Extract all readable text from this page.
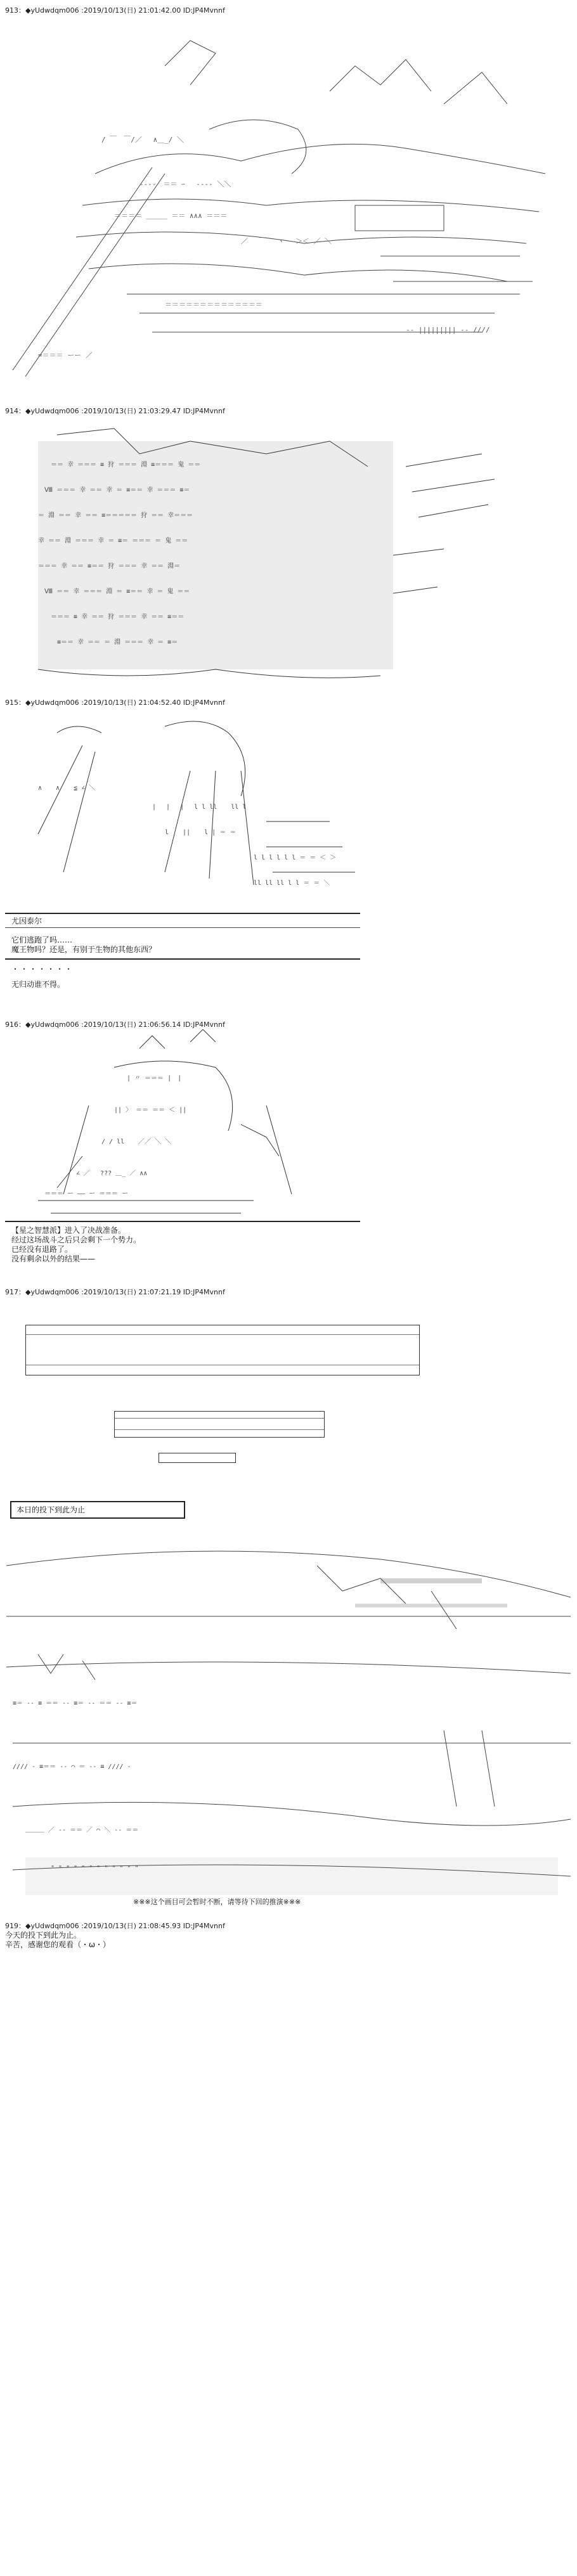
913：◆yUdwdqm006 :2019/10/13(日) 21:01:42.00 ID:JP4Mvnnf
/ ￣　￣/／　 ∧＿_/ ＼
---‐　＝＝ ｰ　 ‐‐‐‐ ＼＼
＝＝＝＝ ＿＿＿ ＝＝ ∧∧∧ ＝＝＝
／　 ￣ 　ヽ　 ＞＜ ／ ＼
＝＝＝＝＝＝＝＝＝＝＝＝＝＝
‐‐ ||||||||| ‐‐ ////
=＝＝＝ ーー ／
914：◆yUdwdqm006 :2019/10/13(日) 21:03:29.47 ID:JP4Mvnnf
＝＝ 幸 ＝＝＝ ≡ 狩 ＝＝＝ 淵 ≡＝＝＝ 鬼 ＝＝
Ⅷ ＝＝＝ 幸 ＝＝ 幸 ＝ ≡＝＝ 幸 ＝＝＝ ≡＝
＝ 淵 ＝＝ 幸 ＝＝ ≡＝＝＝＝＝ 狩 ＝＝ 幸＝＝＝
幸 ＝＝ 淵 ＝＝＝ 幸 ＝ ≡＝ ＝＝＝ ＝ 鬼 ＝＝
＝＝＝ 幸 ＝＝ ≡＝＝ 狩 ＝＝＝ 幸 ＝＝ 淵＝
Ⅷ ＝＝ 幸 ＝＝＝ 淵 ＝ ≡＝＝ 幸 ＝ 鬼 ＝＝
＝＝＝ ≡ 幸 ＝＝ 狩 ＝＝＝ 幸 ＝＝ ≡＝＝
≡＝＝ 幸 ＝＝ ＝ 淵 ＝＝＝ 幸 ＝ ≡＝
915：◆yUdwdqm006 :2019/10/13(日) 21:04:52.40 ID:JP4Mvnnf
∧ 　 ∧ 　 ≦ ∠ ＼
| 　| 　|　 l l ll 　 ll l
l 　 || 　 l | ＝ ＝
l l l l l l ＝ ＝ ＜ ＞
ll ll ll l l ＝ ＝ ＼
尤因泰尔
它们逃跑了吗……
魔王物吗？还是，有别于生物的其他东西？
・・・・・・・
无归动谁不得。
916：◆yUdwdqm006 :2019/10/13(日) 21:06:56.14 ID:JP4Mvnnf
| 〃 ＝＝＝ |　|
|| 〉 ＝＝ ＝＝ ＜ ||
/ / ll 　 ／／ ＼ ＼
∠ ／　 ??? ＿_ ／ ∧∧
＝＝＝ ー ―― ー ＝＝＝ ー
【星之智慧派】进入了决战准备。
经过这场战斗之后只会剩下一个势力。
已经没有退路了。
没有剩余以外的结果——
917：◆yUdwdqm006 :2019/10/13(日) 21:07:21.19 ID:JP4Mvnnf
本日的投下到此为止
≡＝ ‐‐ ≡ ＝＝ ‐‐ ≡＝ ‐‐ ＝＝ ‐‐ ≡＝
//// ‐ ≡＝＝ ‐‐ ⌒ ＝ ‐‐ ≡ //// ‐
＿＿＿ ／ ‐‐ ＝＝ ／ ⌒ ＼ ‐‐ ＝＝
" " " " " " " " " " " "
※※※这个画目可会暂时不断，请等待下回的推演※※※
919：◆yUdwdqm006 :2019/10/13(日) 21:08:45.93 ID:JP4Mvnnf
今天的投下到此为止。
辛苦，感谢您的观看（・ω・）
